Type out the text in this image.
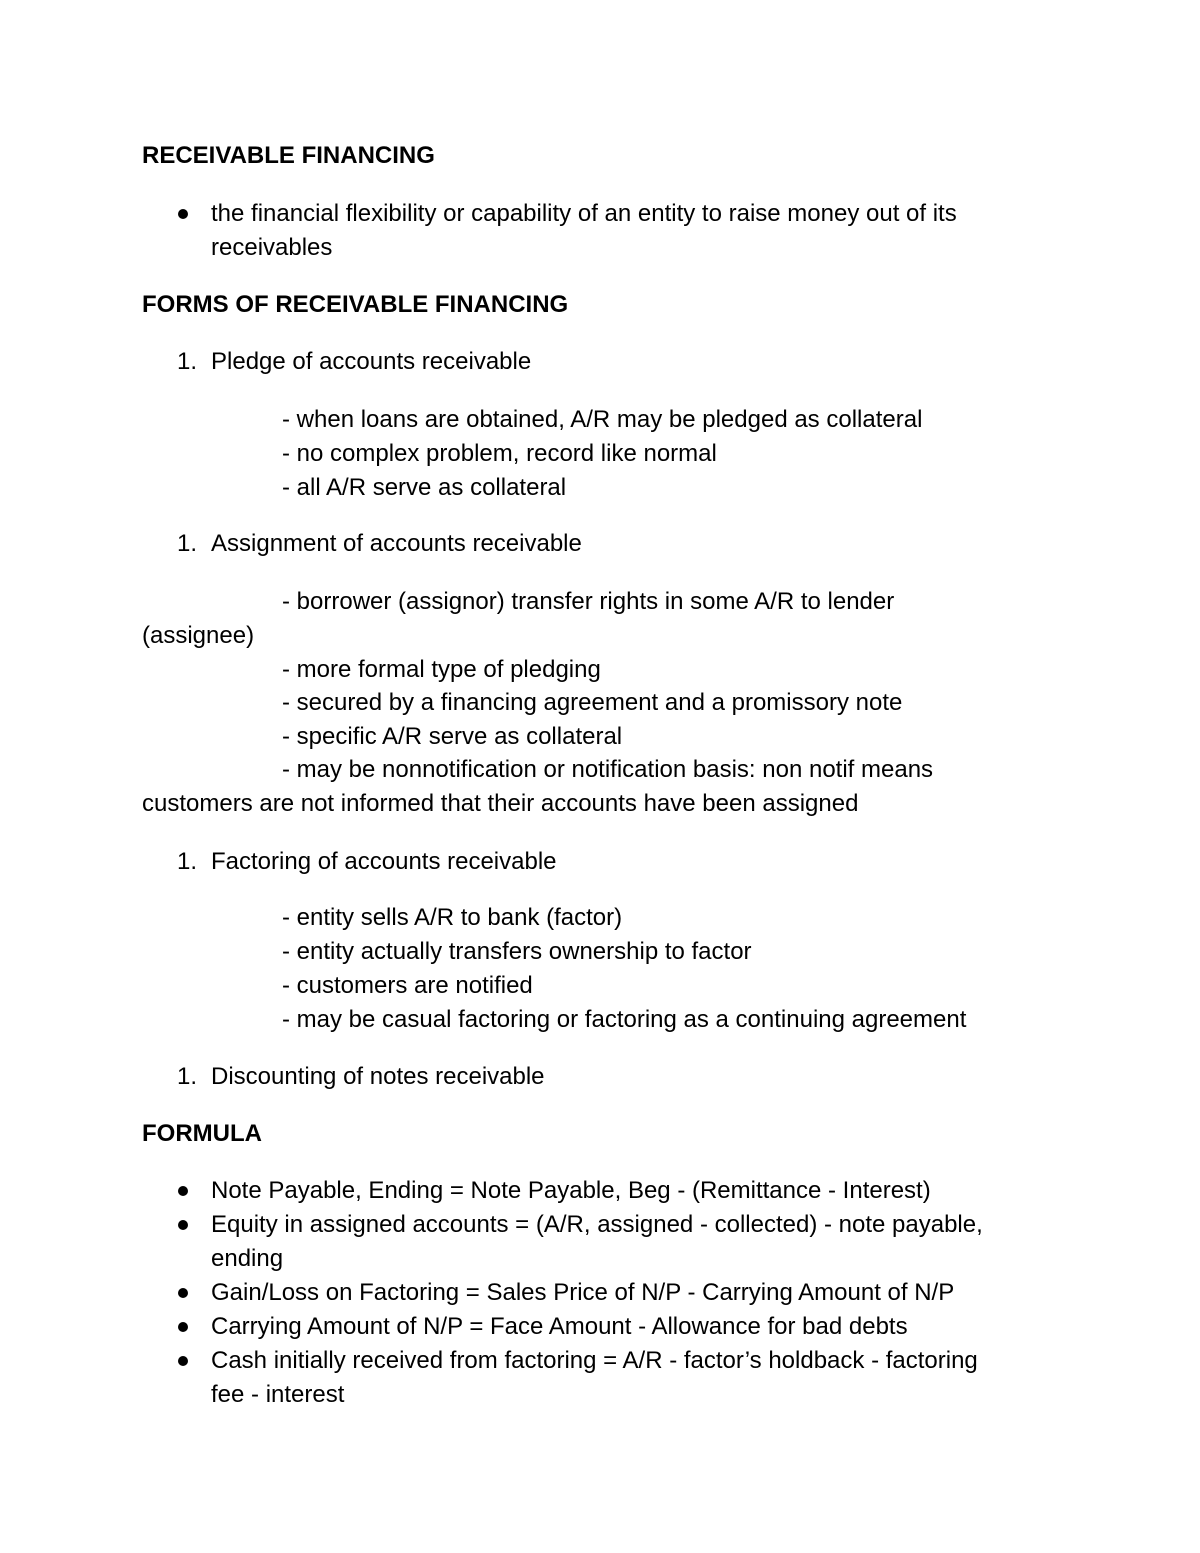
RECEIVABLE FINANCING
the financial flexibility or capability of an entity to raise money out of its
receivables
FORMS OF RECEIVABLE FINANCING
1. Pledge of accounts receivable
- when loans are obtained, A/R may be pledged as collateral
- no complex problem, record like normal
- all A/R serve as collateral
1. Assignment of accounts receivable
- borrower (assignor) transfer rights in some A/R to lender
(assignee)
- more formal type of pledging
- secured by a financing agreement and a promissory note
- specific A/R serve as collateral
- may be nonnotification or notification basis: non notif means
customers are not informed that their accounts have been assigned
1. Factoring of accounts receivable
- entity sells A/R to bank (factor)
- entity actually transfers ownership to factor
- customers are notified
- may be casual factoring or factoring as a continuing agreement
1. Discounting of notes receivable
FORMULA
Note Payable, Ending = Note Payable, Beg - (Remittance - Interest)
Equity in assigned accounts = (A/R, assigned - collected) - note payable,
ending
Gain/Loss on Factoring = Sales Price of N/P - Carrying Amount of N/P
Carrying Amount of N/P = Face Amount - Allowance for bad debts
Cash initially received from factoring = A/R - factor’s holdback - factoring
fee - interest
